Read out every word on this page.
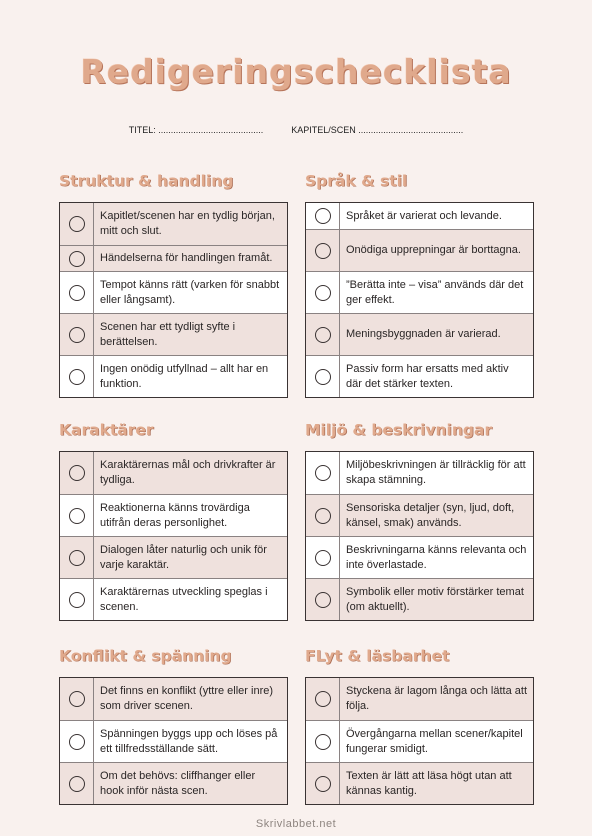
Redigeringschecklista
TITEL: ..........................................	KAPITEL/SCEN ..........................................
Struktur & handling
Kapitlet/scenen har en tydlig början, mitt och slut.
Händelserna för handlingen framåt.
Tempot känns rätt (varken för snabbt eller långsamt).
Scenen har ett tydligt syfte i berättelsen.
Ingen onödig utfyllnad – allt har en funktion.
Språk & stil
Språket är varierat och levande.
Onödiga upprepningar är borttagna.
”Berätta inte – visa” används där det ger effekt.
Meningsbyggnaden är varierad.
Passiv form har ersatts med aktiv där det stärker texten.
Karaktärer
Karaktärernas mål och drivkrafter är tydliga.
Reaktionerna känns trovärdiga utifrån deras personlighet.
Dialogen låter naturlig och unik för varje karaktär.
Karaktärernas utveckling speglas i scenen.
Miljö & beskrivningar
Miljöbeskrivningen är tillräcklig för att skapa stämning.
Sensoriska detaljer (syn, ljud, doft, känsel, smak) används.
Beskrivningarna känns relevanta och inte överlastade.
Symbolik eller motiv förstärker temat (om aktuellt).
Konflikt & spänning
Det finns en konflikt (yttre eller inre) som driver scenen.
Spänningen byggs upp och löses på ett tillfredsställande sätt.
Om det behövs: cliffhanger eller hook inför nästa scen.
FLyt & läsbarhet
Styckena är lagom långa och lätta att följa.
Övergångarna mellan scener/kapitel fungerar smidigt.
Texten är lätt att läsa högt utan att kännas kantig.
Skrivlabbet.net
